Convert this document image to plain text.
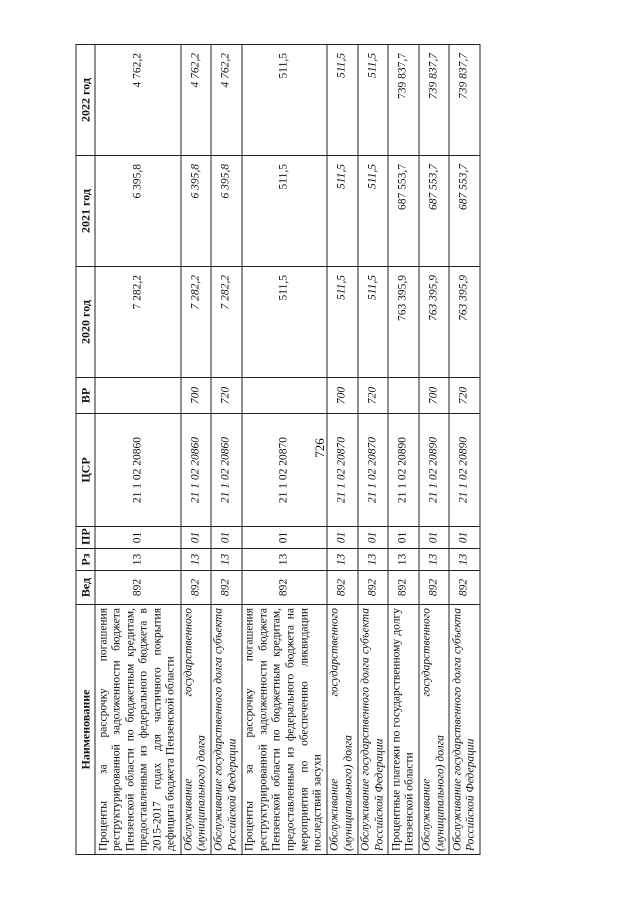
726
Наименование	Вед	Рз	ПР	ЦСР	ВР	2020 год	2021 год	2022 год
Проценты за рассрочку погашения реструктурированной задолженности бюджета Пензенской области по бюджетным кредитам, предоставленным из федерального бюджета в 2015-2017 годах для частичного покрытия дефицита бюджета Пензенской области	892	13	01	21 1 02 20860		7 282,2	6 395,8	4 762,2
Обслуживание государственного (муниципального) долга	892	13	01	21 1 02 20860	700	7 282,2	6 395,8	4 762,2
Обслуживание государственного долга субъекта Российской Федерации	892	13	01	21 1 02 20860	720	7 282,2	6 395,8	4 762,2
Проценты за рассрочку погашения реструктурированной задолженности бюджета Пензенской области по бюджетным кредитам, предоставленным из федерального бюджета на мероприятия по обеспечению ликвидации последствий засухи	892	13	01	21 1 02 20870		511,5	511,5	511,5
Обслуживание государственного (муниципального) долга	892	13	01	21 1 02 20870	700	511,5	511,5	511,5
Обслуживание государственного долга субъекта Российской Федерации	892	13	01	21 1 02 20870	720	511,5	511,5	511,5
Процентные платежи по государственному долгу Пензенской области	892	13	01	21 1 02 20890		763 395,9	687 553,7	739 837,7
Обслуживание государственного (муниципального) долга	892	13	01	21 1 02 20890	700	763 395,9	687 553,7	739 837,7
Обслуживание государственного долга субъекта Российской Федерации	892	13	01	21 1 02 20890	720	763 395,9	687 553,7	739 837,7
